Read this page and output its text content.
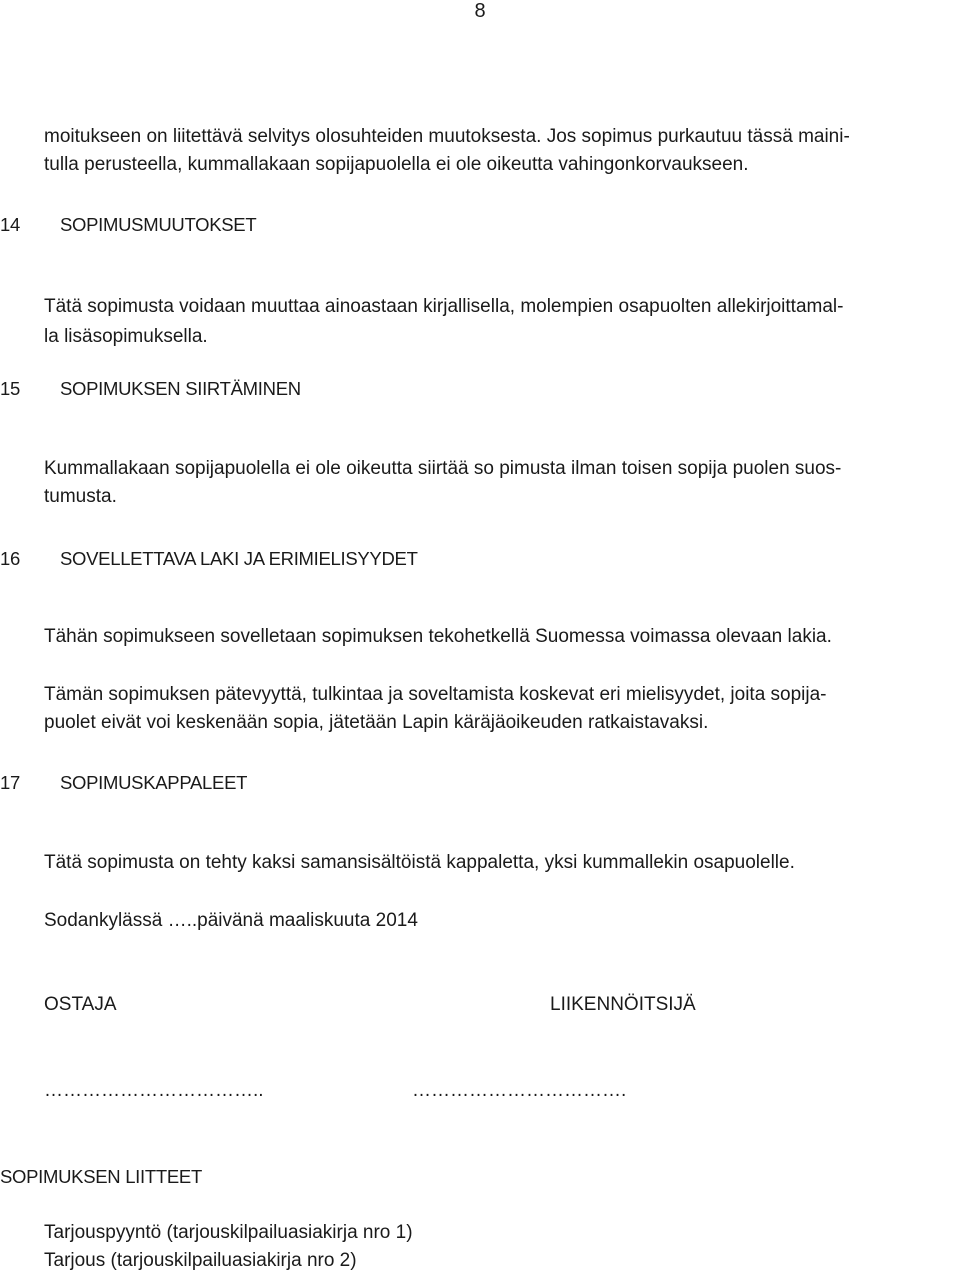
8
moitukseen on liitettävä selvitys olosuhteiden muutoksesta. Jos sopimus purkautuu tässä maini-
tulla perusteella, kummallakaan sopijapuolella ei ole oikeutta vahingonkorvaukseen.
14 SOPIMUSMUUTOKSET
Tätä sopimusta voidaan muuttaa ainoastaan kirjallisella, molempien osapuolten allekirjoittamal-
la lisäsopimuksella.
15 SOPIMUKSEN SIIRTÄMINEN
Kummallakaan sopijapuolella ei ole oikeutta siirtää so pimusta ilman toisen sopija puolen suos-
tumusta.
16 SOVELLETTAVA LAKI JA ERIMIELISYYDET
Tähän sopimukseen sovelletaan sopimuksen tekohetkellä Suomessa voimassa olevaan lakia.
Tämän sopimuksen pätevyyttä, tulkintaa ja soveltamista koskevat eri mielisyydet, joita sopija-
puolet eivät voi keskenään sopia, jätetään Lapin käräjäoikeuden ratkaistavaksi.
17 SOPIMUSKAPPALEET
Tätä sopimusta on tehty kaksi samansisältöistä kappaletta, yksi kummallekin osapuolelle.
Sodankylässä …..päivänä maaliskuuta 2014
OSTAJA	LIIKENNÖITSIJÄ
……………………………..	…………………………….
SOPIMUKSEN LIITTEET
Tarjouspyyntö (tarjouskilpailuasiakirja nro 1)
Tarjous (tarjouskilpailuasiakirja nro 2)
